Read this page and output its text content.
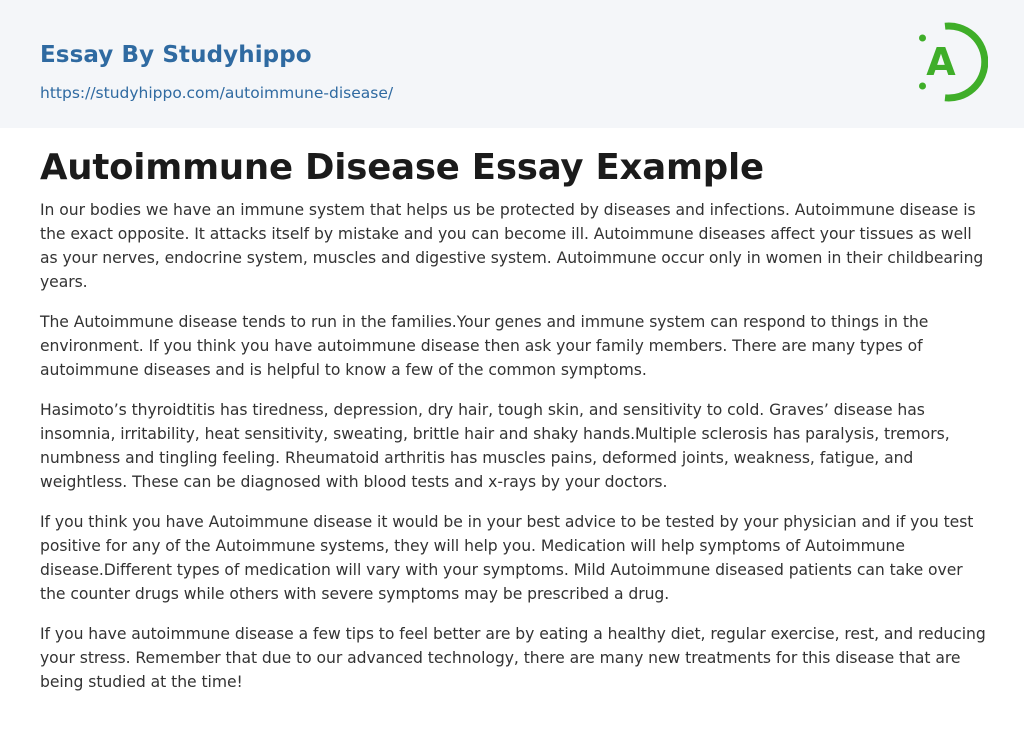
Essay By Studyhippo
https://studyhippo.com/autoimmune-disease/
A
Autoimmune Disease Essay Example

In our bodies we have an immune system that helps us be protected by diseases and infections. Autoimmune disease is the exact opposite. It attacks itself by mistake and you can become ill. Autoimmune diseases affect your tissues as well as your nerves, endocrine system, muscles and digestive system. Autoimmune occur only in women in their childbearing years.

The Autoimmune disease tends to run in the families.Your genes and immune system can respond to things in the environment. If you think you have autoimmune disease then ask your family members. There are many types of autoimmune diseases and is helpful to know a few of the common symptoms.

Hasimoto’s thyroidtitis has tiredness, depression, dry hair, tough skin, and sensitivity to cold. Graves’ disease has insomnia, irritability, heat sensitivity, sweating, brittle hair and shaky hands.Multiple sclerosis has paralysis, tremors, numbness and tingling feeling. Rheumatoid arthritis has muscles pains, deformed joints, weakness, fatigue, and weightless. These can be diagnosed with blood tests and x-rays by your doctors.

If you think you have Autoimmune disease it would be in your best advice to be tested by your physician and if you test positive for any of the Autoimmune systems, they will help you. Medication will help symptoms of Autoimmune disease.Different types of medication will vary with your symptoms. Mild Autoimmune diseased patients can take over the counter drugs while others with severe symptoms may be prescribed a drug.

If you have autoimmune disease a few tips to feel better are by eating a healthy diet, regular exercise, rest, and reducing your stress. Remember that due to our advanced technology, there are many new treatments for this disease that are being studied at the time!
